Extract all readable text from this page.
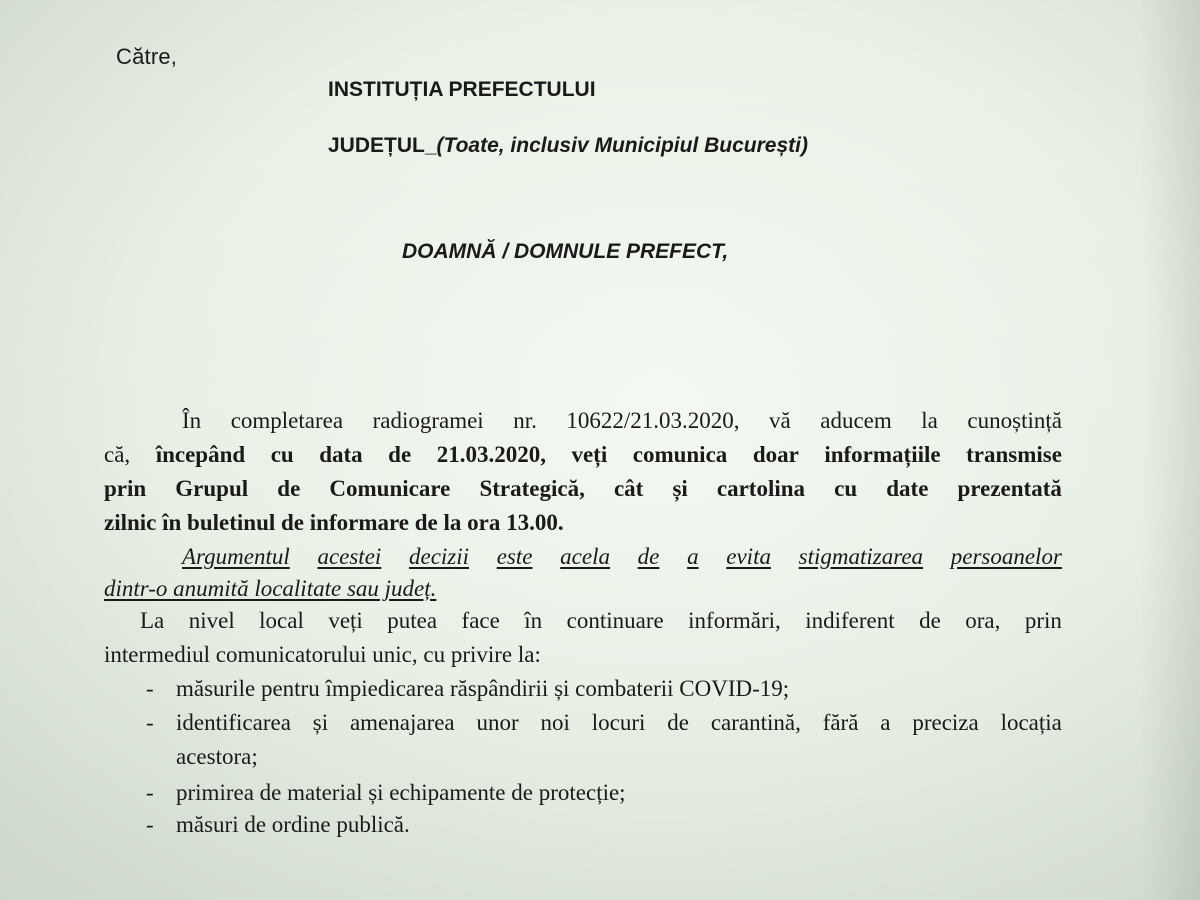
Către,
INSTITUȚIA PREFECTULUI
JUDEȚUL_(Toate, inclusiv Municipiul București)
DOAMNĂ / DOMNULE PREFECT,
În completarea radiogramei nr. 10622/21.03.2020, vă aducem la cunoștință
că, începând cu data de 21.03.2020, veți comunica doar informațiile transmise
prin Grupul de Comunicare Strategică, cât și cartolina cu date prezentată
zilnic în buletinul de informare de la ora 13.00.
Argumentul acestei decizii este acela de a evita stigmatizarea persoanelor
dintr-o anumită localitate sau județ.
La nivel local veți putea face în continuare informări, indiferent de ora, prin
intermediul comunicatorului unic, cu privire la:
- măsurile pentru împiedicarea răspândirii și combaterii COVID-19;
- identificarea și amenajarea unor noi locuri de carantină, fără a preciza locația
acestora;
- primirea de material și echipamente de protecție;
- măsuri de ordine publică.
